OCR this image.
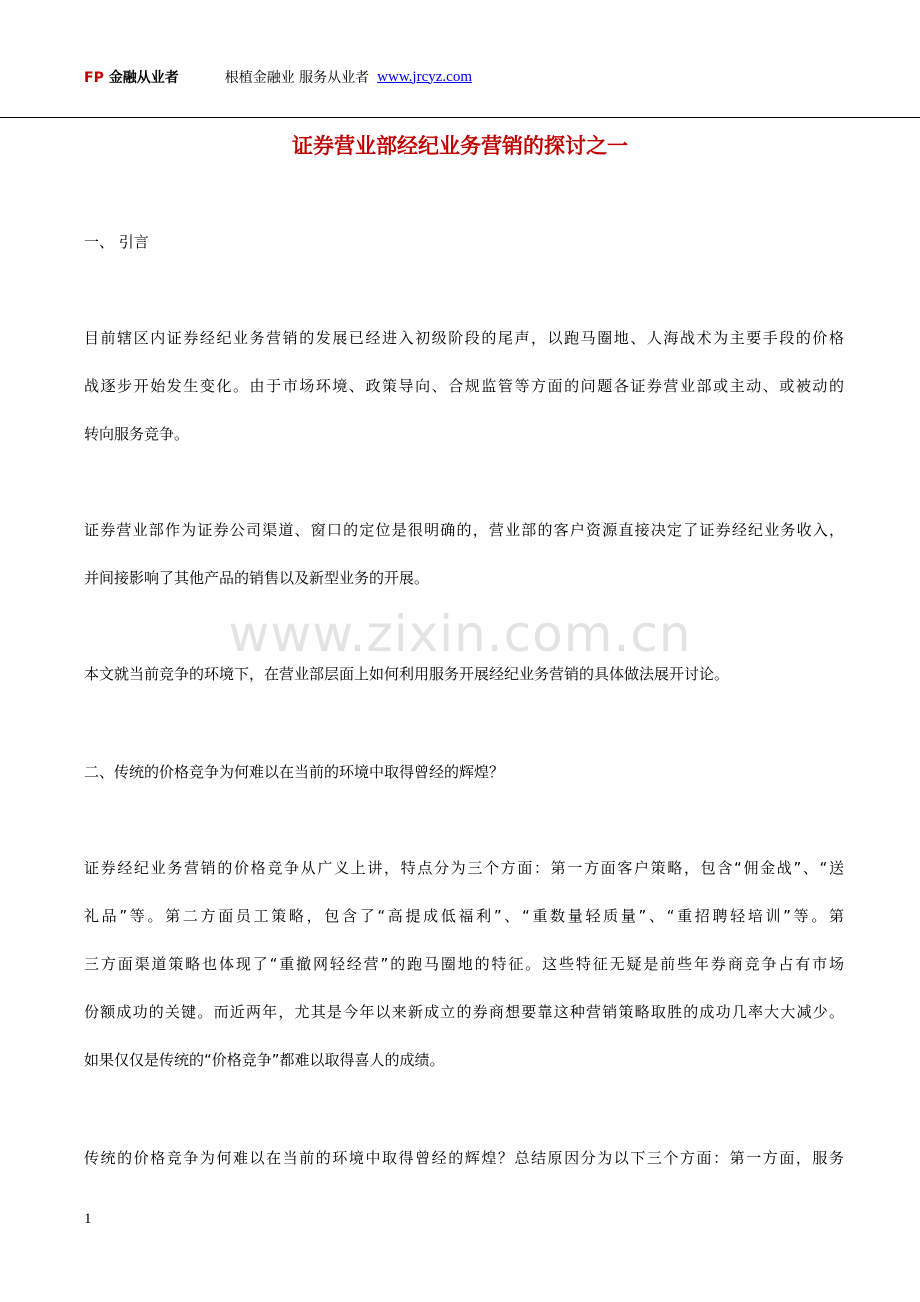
FP 金融从业者	根植金融业 服务从业者 www.jrcyz.com
证券营业部经纪业务营销的探讨之一
www.zixin.com.cn
一、 引言
目前辖区内证券经纪业务营销的发展已经进入初级阶段的尾声，以跑马圈地、人海战术为主要手段的价格
战逐步开始发生变化。由于市场环境、政策导向、合规监管等方面的问题各证券营业部或主动、或被动的
转向服务竞争。
证券营业部作为证券公司渠道、窗口的定位是很明确的，营业部的客户资源直接决定了证券经纪业务收入，
并间接影响了其他产品的销售以及新型业务的开展。
本文就当前竞争的环境下，在营业部层面上如何利用服务开展经纪业务营销的具体做法展开讨论。
二、传统的价格竞争为何难以在当前的环境中取得曾经的辉煌？
证券经纪业务营销的价格竞争从广义上讲，特点分为三个方面：第一方面客户策略，包含“佣金战”、“送
礼品”等。第二方面员工策略，包含了“高提成低福利”、“重数量轻质量”、“重招聘轻培训”等。第
三方面渠道策略也体现了“重撤网轻经营”的跑马圈地的特征。这些特征无疑是前些年券商竞争占有市场
份额成功的关键。而近两年，尤其是今年以来新成立的券商想要靠这种营销策略取胜的成功几率大大减少。
如果仅仅是传统的“价格竞争”都难以取得喜人的成绩。
传统的价格竞争为何难以在当前的环境中取得曾经的辉煌？总结原因分为以下三个方面：第一方面，服务
1
